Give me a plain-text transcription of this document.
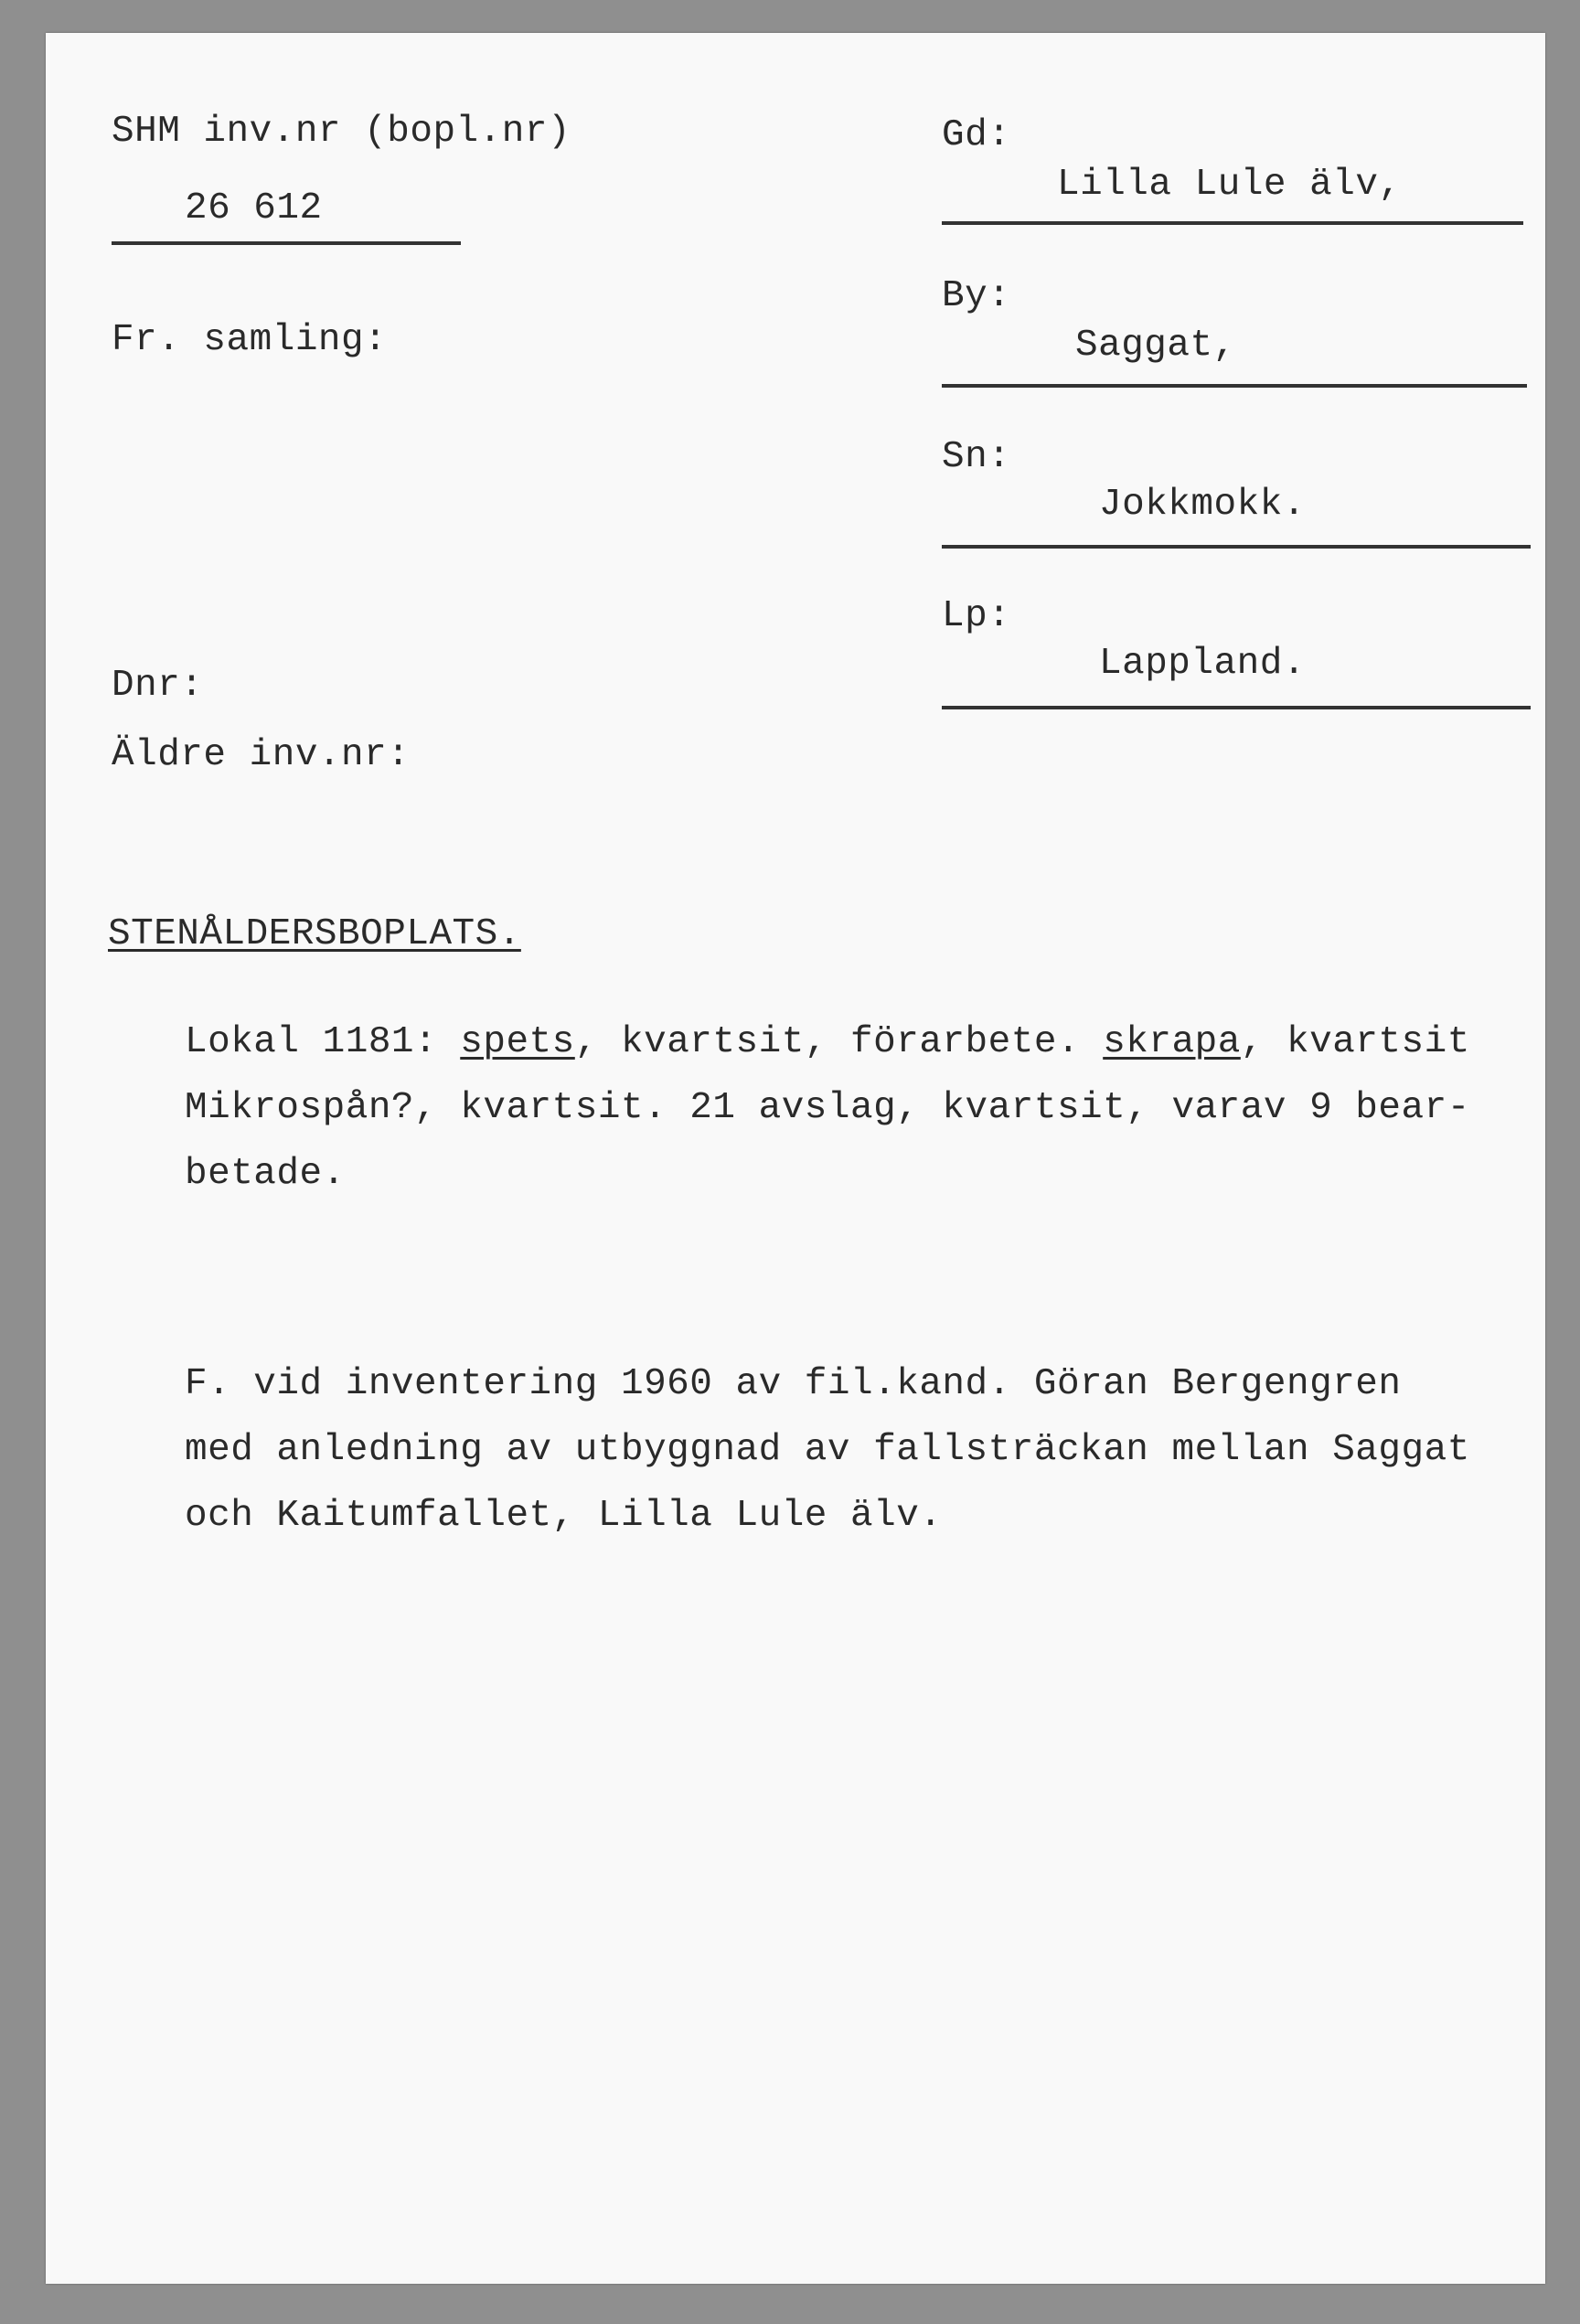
SHM inv.nr (bopl.nr)
26 612
Fr. samling:
Dnr:
Äldre inv.nr:
Gd:
Lilla Lule älv,
By:
Saggat,
Sn:
Jokkmokk.
Lp:
Lappland.
STENÅLDERSBOPLATS.
Lokal 1181: spets, kvartsit, förarbete. skrapa, kvartsit
Mikrospån?, kvartsit. 21 avslag, kvartsit, varav 9 bear-
betade.
F. vid inventering 1960 av fil.kand. Göran Bergengren
med anledning av utbyggnad av fallsträckan mellan Saggat
och Kaitumfallet, Lilla Lule älv.
